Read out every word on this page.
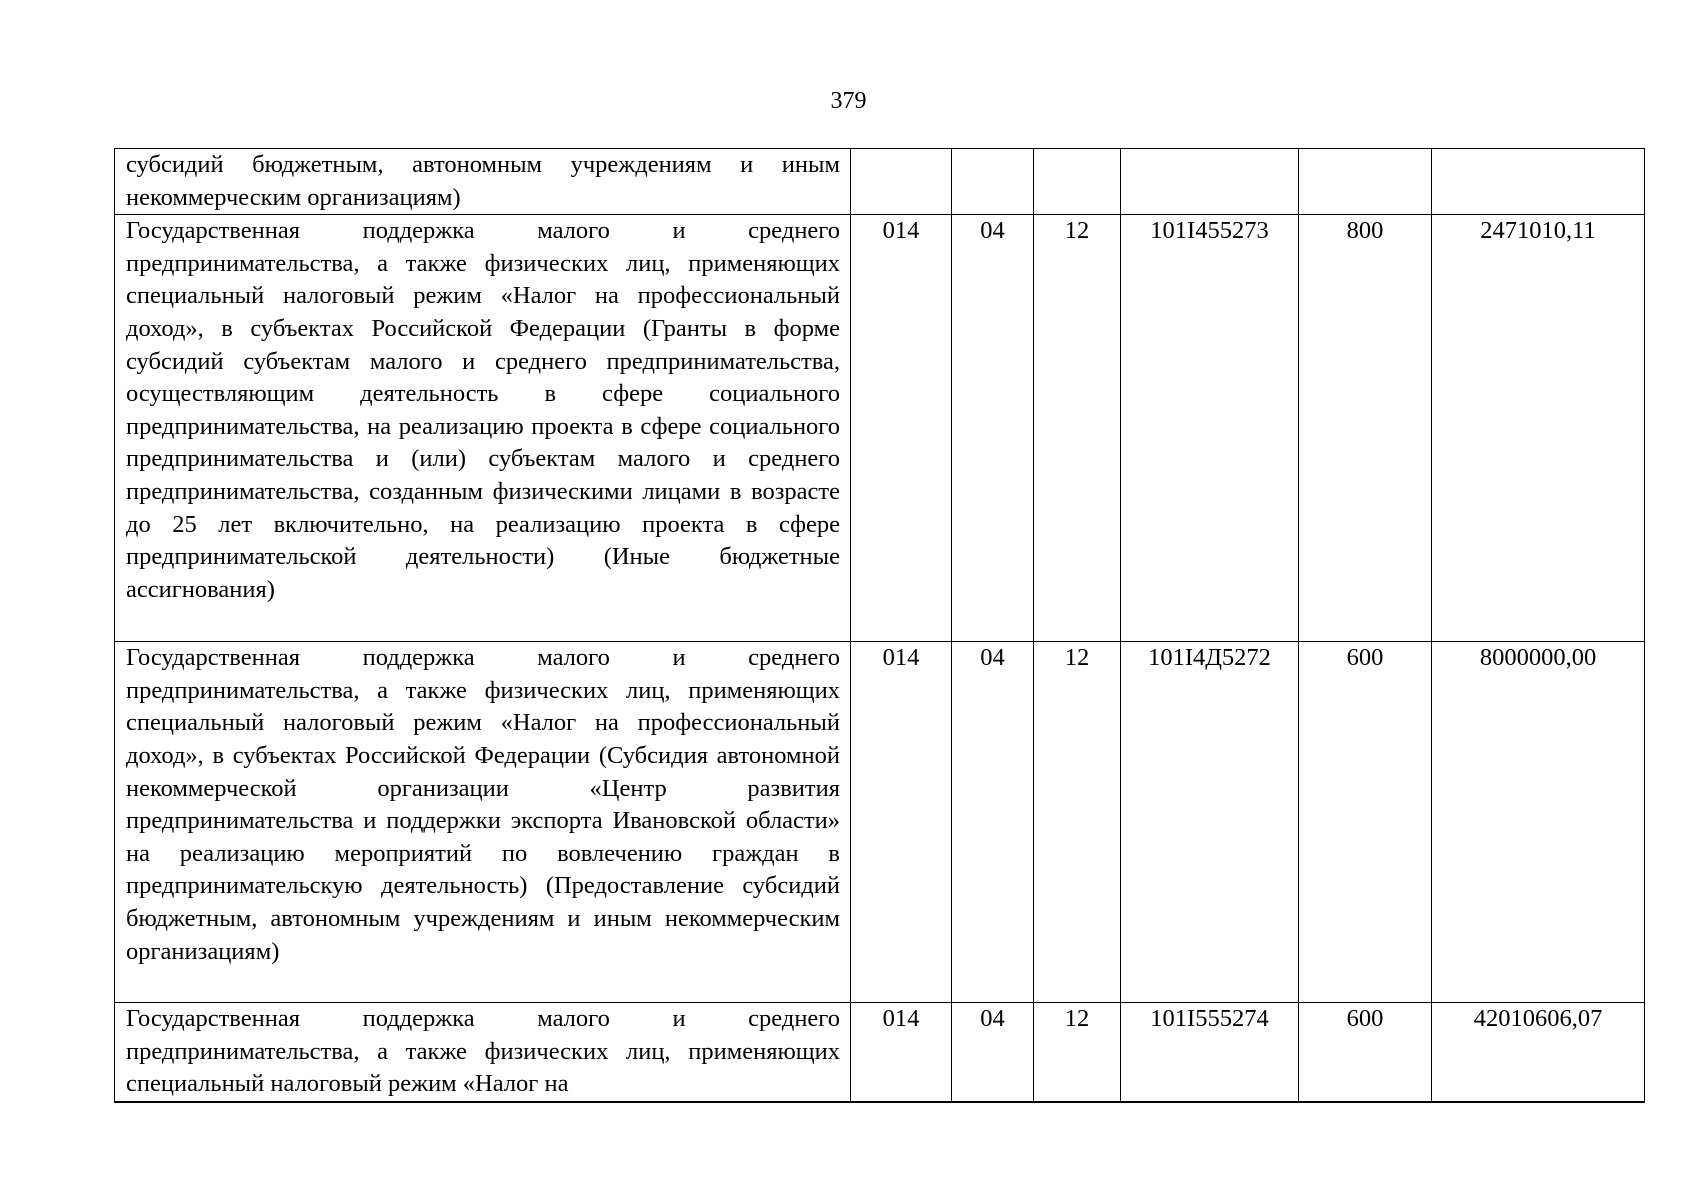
379
субсидий бюджетным, автономным учреждениям и иным некоммерческим организациям)						
Государственная поддержка малого и среднего предпринимательства, а также физических лиц, применяющих специальный налоговый режим «Налог на профессиональный доход», в субъектах Российской Федерации (Гранты в форме субсидий субъектам малого и среднего предпринимательства, осуществляющим деятельность в сфере социального предпринимательства, на реализацию проекта в сфере социального предпринимательства и (или) субъектам малого и среднего предпринимательства, созданным физическими лицами в возрасте до 25 лет включительно, на реализацию проекта в сфере предпринимательской деятельности) (Иные бюджетные ассигнования)	014	04	12	101I455273	800	2471010,11
Государственная поддержка малого и среднего предпринимательства, а также физических лиц, применяющих специальный налоговый режим «Налог на профессиональный доход», в субъектах Российской Федерации (Субсидия автономной некоммерческой организации «Центр развития предпринимательства и поддержки экспорта Ивановской области» на реализацию мероприятий по вовлечению граждан в предпринимательскую деятельность) (Предоставление субсидий бюджетным, автономным учреждениям и иным некоммерческим организациям)	014	04	12	101I4Д5272	600	8000000,00
Государственная поддержка малого и среднего предпринимательства, а также физических лиц, применяющих специальный налоговый режим «Налог на	014	04	12	101I555274	600	42010606,07
